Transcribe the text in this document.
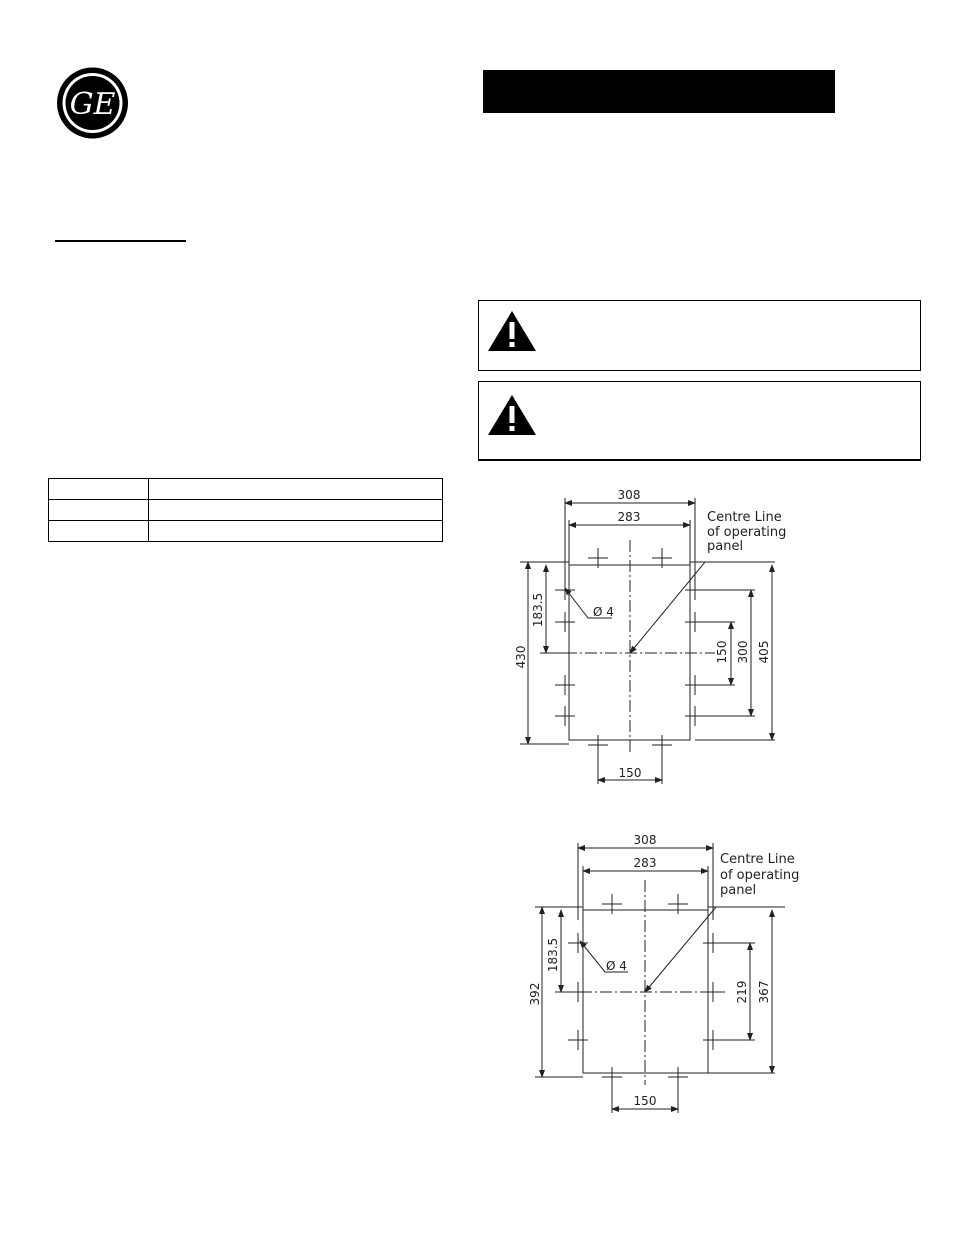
GE

308
283
150
Ø 4
430
183.5
150 300 405
Centre Line
of operating
panel
308
283
150
Ø 4
392
183.5
219 367
Centre Line
of operating
panel
